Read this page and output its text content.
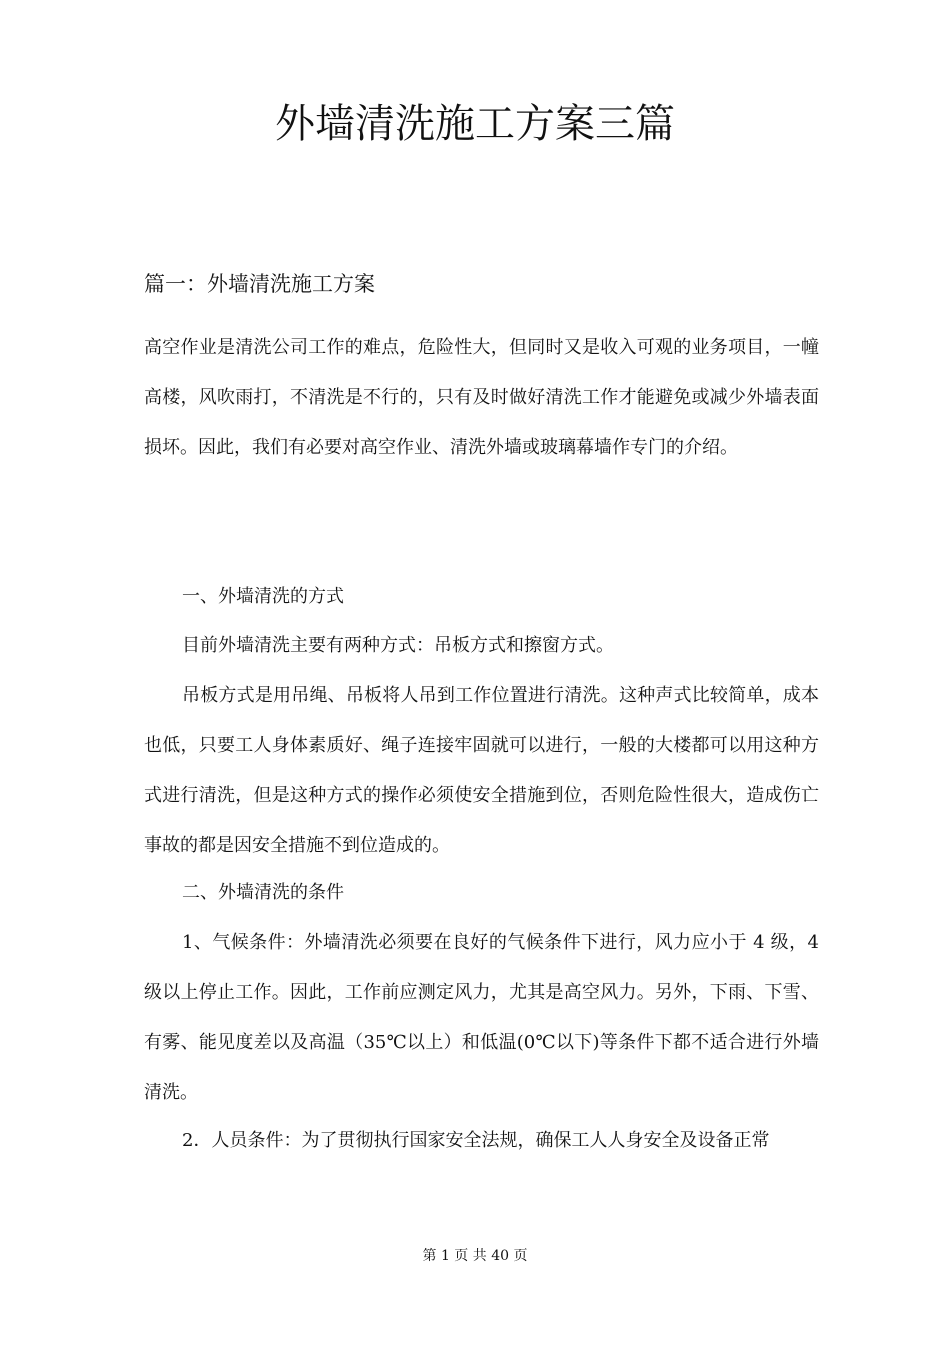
外墙清洗施工方案三篇
篇一：外墙清洗施工方案

高空作业是清洗公司工作的难点，危险性大，但同时又是收入可观的业务项目，一幢高楼，风吹雨打，不清洗是不行的，只有及时做好清洗工作才能避免或减少外墙表面损坏。因此，我们有必要对高空作业、清洗外墙或玻璃幕墙作专门的介绍。

一、外墙清洗的方式

目前外墙清洗主要有两种方式：吊板方式和擦窗方式。

吊板方式是用吊绳、吊板将人吊到工作位置进行清洗。这种声式比较简单，成本也低，只要工人身体素质好、绳子连接牢固就可以进行，一般的大楼都可以用这种方式进行清洗，但是这种方式的操作必须使安全措施到位，否则危险性很大，造成伤亡事故的都是因安全措施不到位造成的。

二、外墙清洗的条件

1、气候条件：外墙清洗必须要在良好的气候条件下进行，风力应小于 4 级，4 级以上停止工作。因此，工作前应测定风力，尤其是高空风力。另外，下雨、下雪、有雾、能见度差以及高温（35℃以上）和低温(0℃以下)等条件下都不适合进行外墙清洗。

2．人员条件：为了贯彻执行国家安全法规，确保工人人身安全及设备正常

第 1 页 共 40 页
